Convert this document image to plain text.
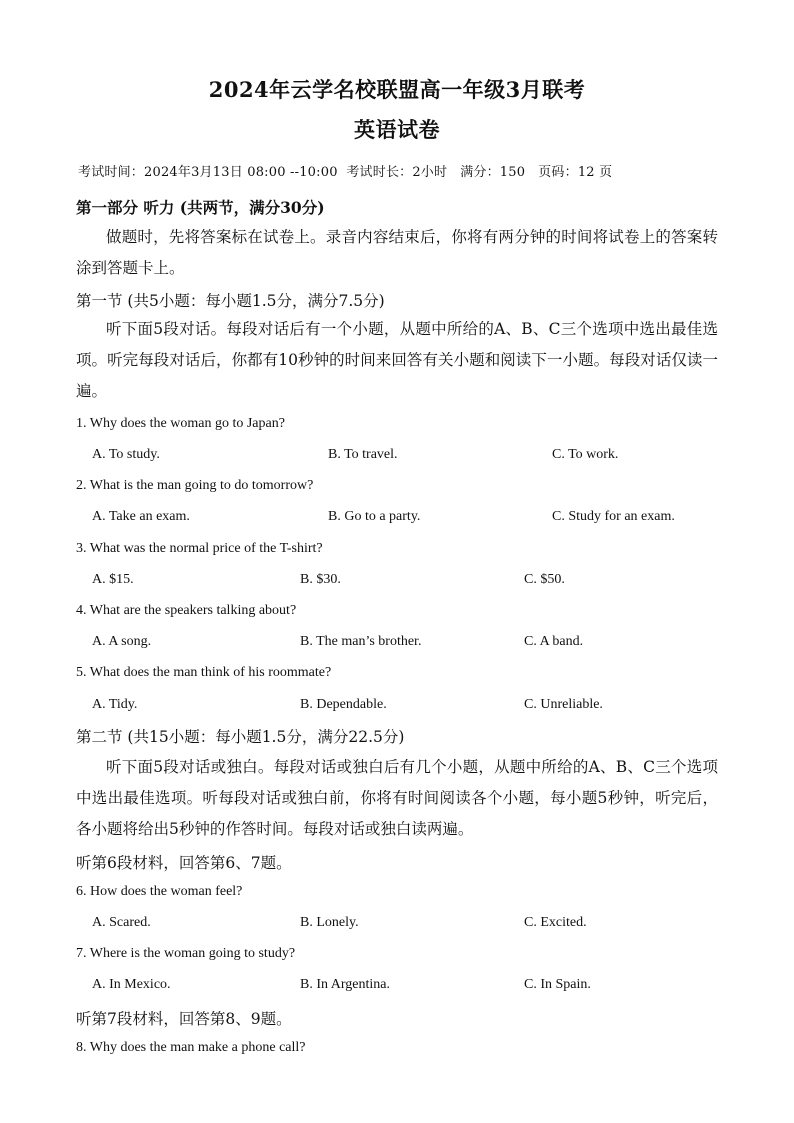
2024年云学名校联盟高一年级3月联考
英语试卷
考试时间：2024年3月13日 08:00 --10:00  考试时长：2小时   满分：150   页码：12 页
第一部分 听力 (共两节，满分30分)
做题时，先将答案标在试卷上。录音内容结束后，你将有两分钟的时间将试卷上的答案转涂到答题卡上。
第一节 (共5小题：每小题1.5分，满分7.5分)
听下面5段对话。每段对话后有一个小题，从题中所给的A、B、C三个选项中选出最佳选项。听完每段对话后，你都有10秒钟的时间来回答有关小题和阅读下一小题。每段对话仅读一遍。
1. Why does the woman go to Japan?
A. To study.	B. To travel.	C. To work.
2. What is the man going to do tomorrow?
A. Take an exam.	B. Go to a party.	C. Study for an exam.
3. What was the normal price of the T-shirt?
A. $15.	B. $30.	C. $50.
4. What are the speakers talking about?
A. A song.	B. The man’s brother.	C. A band.
5. What does the man think of his roommate?
A. Tidy.	B. Dependable.	C. Unreliable.
第二节 (共15小题：每小题1.5分，满分22.5分)
听下面5段对话或独白。每段对话或独白后有几个小题，从题中所给的A、B、C三个选项中选出最佳选项。听每段对话或独白前，你将有时间阅读各个小题，每小题5秒钟，听完后，各小题将给出5秒钟的作答时间。每段对话或独白读两遍。
听第6段材料，回答第6、7题。
6. How does the woman feel?
A. Scared.	B. Lonely.	C. Excited.
7. Where is the woman going to study?
A. In Mexico.	B. In Argentina.	C. In Spain.
听第7段材料，回答第8、9题。
8. Why does the man make a phone call?
